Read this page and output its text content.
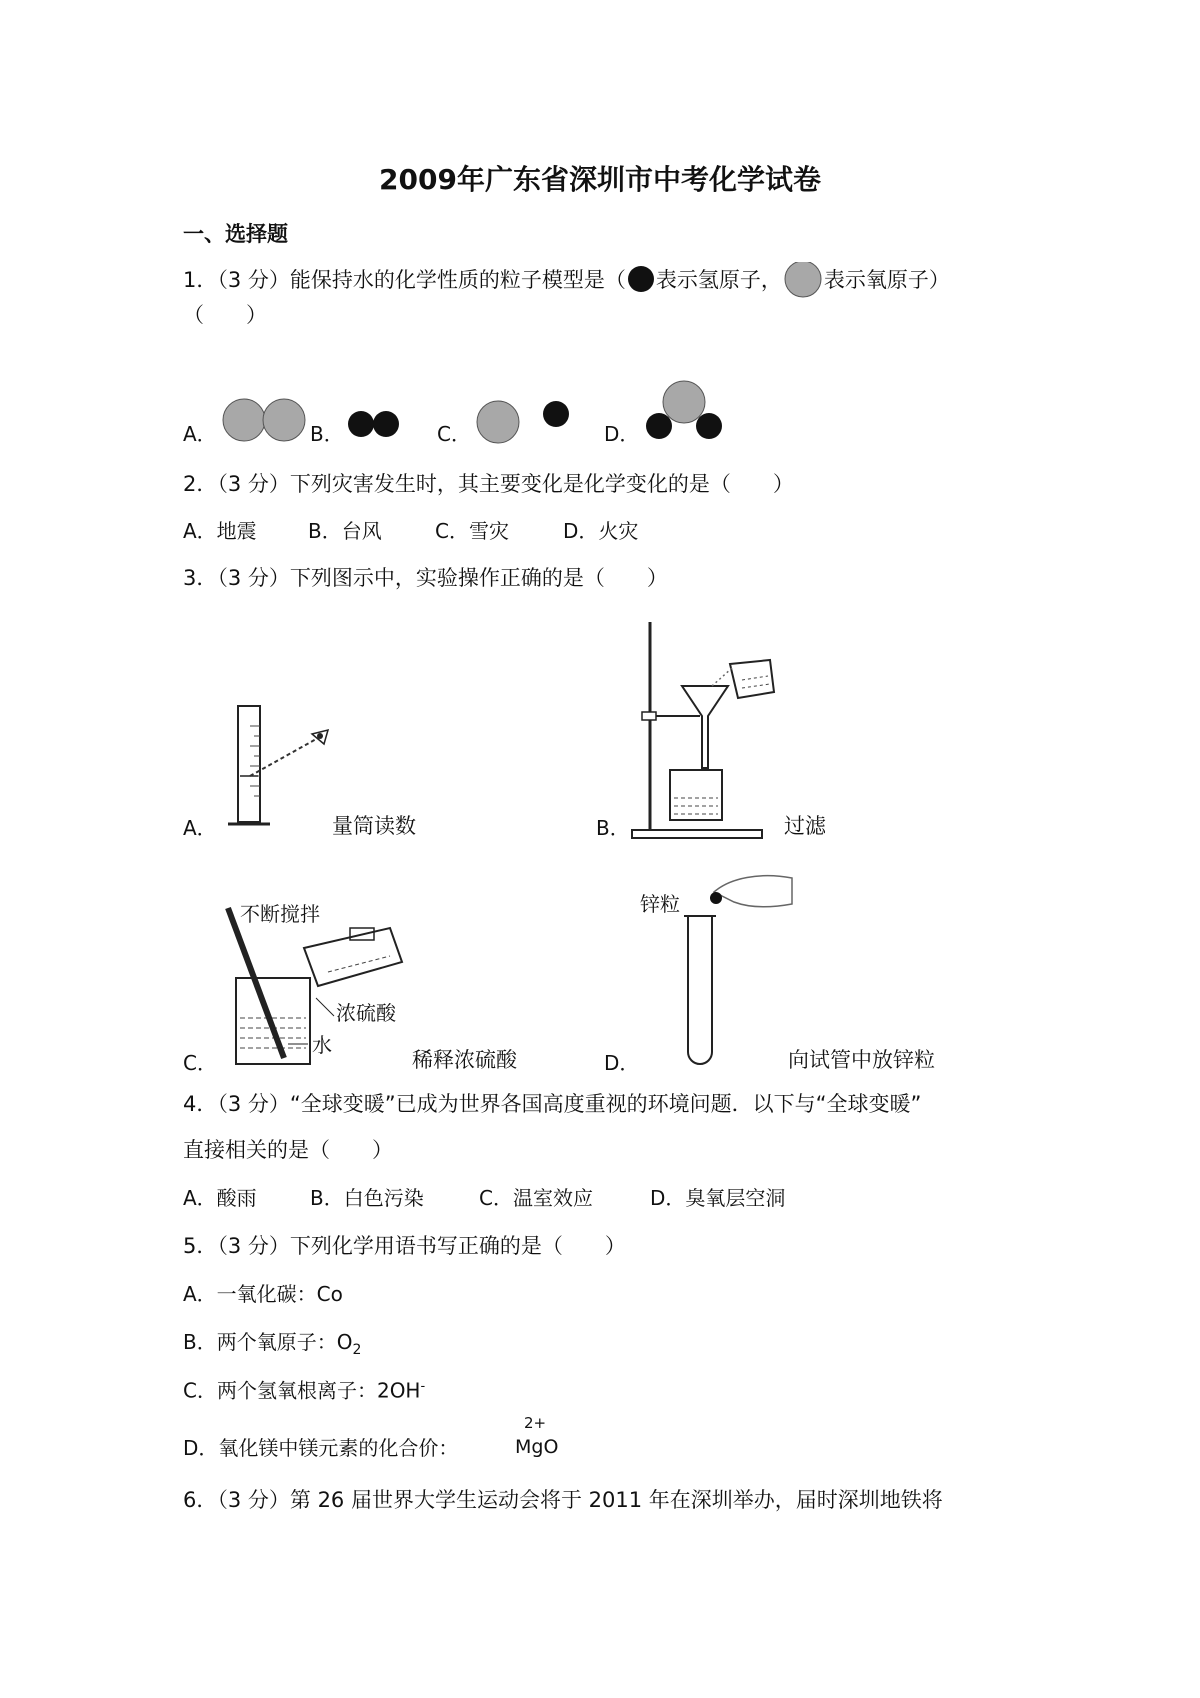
2009年广东省深圳市中考化学试卷
一、选择题
1．（3 分）能保持水的化学性质的粒子模型是（ 表示氢原子， 表示氧原子）
（　　）
A．	B．	C．	D．
2．（3 分）下列灾害发生时，其主要变化是化学变化的是（　　）
A．地震	B．台风	C．雪灾	D．火灾
3．（3 分）下列图示中，实验操作正确的是（　　）
A．	量筒读数	B．	过滤
C．
不断搅拌
浓硫酸
水
稀释浓硫酸	D．
锌粒
向试管中放锌粒
4．（3 分）“全球变暖”已成为世界各国高度重视的环境问题．以下与“全球变暖”
直接相关的是（　　）
A．酸雨	B．白色污染	C．温室效应	D．臭氧层空洞
5．（3 分）下列化学用语书写正确的是（　　）
A．一氧化碳：Co
B．两个氧原子：$O_2$
C．两个氢氧根离子：2OH-
D．氧化镁中镁元素的化合价：
2+
MgO
6．（3 分）第 26 届世界大学生运动会将于 2011 年在深圳举办，届时深圳地铁将
